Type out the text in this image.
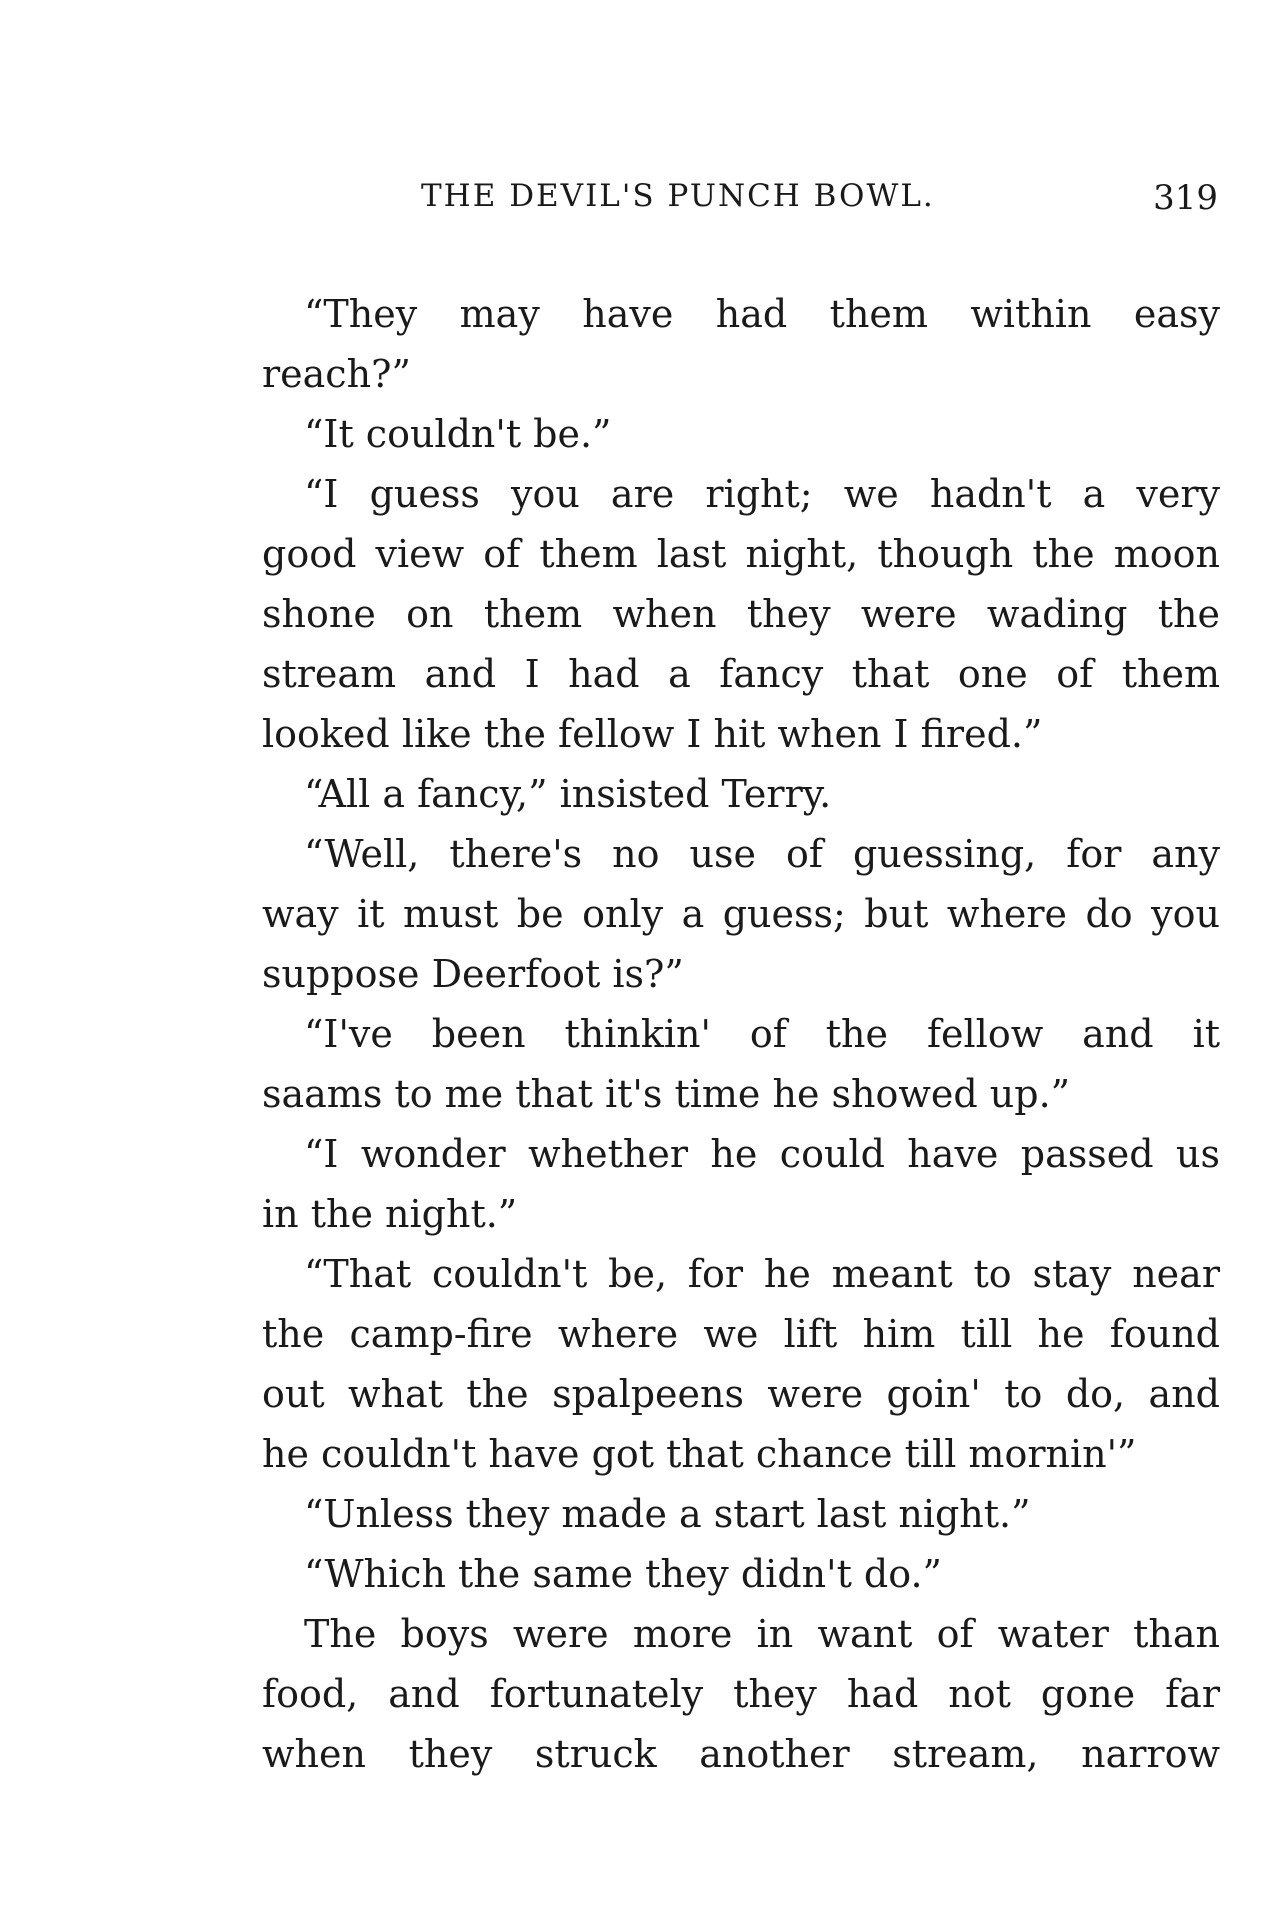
THE DEVIL'S PUNCH BOWL.	319
“They may have had them within easy
reach?”
“It couldn't be.”
“I guess you are right; we hadn't a very
good view of them last night, though the moon
shone on them when they were wading the
stream and I had a fancy that one of them
looked like the fellow I hit when I fired.”
“All a fancy,” insisted Terry.
“Well, there's no use of guessing, for any
way it must be only a guess; but where do you
suppose Deerfoot is?”
“I've been thinkin' of the fellow and it
saams to me that it's time he showed up.”
“I wonder whether he could have passed us
in the night.”
“That couldn't be, for he meant to stay near
the camp-fire where we lift him till he found
out what the spalpeens were goin' to do, and
he couldn't have got that chance till mornin'”
“Unless they made a start last night.”
“Which the same they didn't do.”
The boys were more in want of water than
food, and fortunately they had not gone far
when they struck another stream, narrow
